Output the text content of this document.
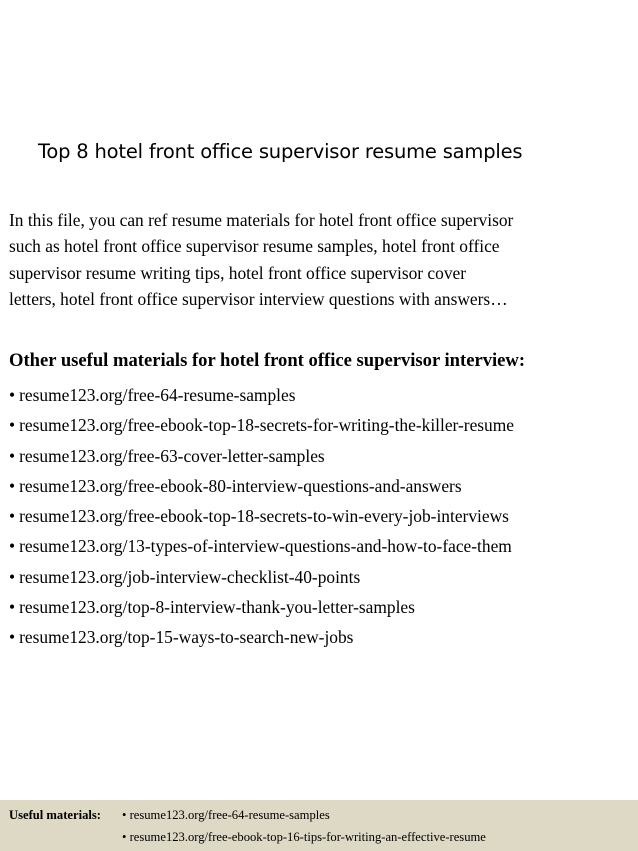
Top 8 hotel front office supervisor resume samples

In this file, you can ref resume materials for hotel front office supervisor
such as hotel front office supervisor resume samples, hotel front office
supervisor resume writing tips, hotel front office supervisor cover
letters, hotel front office supervisor interview questions with answers…

Other useful materials for hotel front office supervisor interview:
• resume123.org/free-64-resume-samples
• resume123.org/free-ebook-top-18-secrets-for-writing-the-killer-resume
• resume123.org/free-63-cover-letter-samples
• resume123.org/free-ebook-80-interview-questions-and-answers
• resume123.org/free-ebook-top-18-secrets-to-win-every-job-interviews
• resume123.org/13-types-of-interview-questions-and-how-to-face-them
• resume123.org/job-interview-checklist-40-points
• resume123.org/top-8-interview-thank-you-letter-samples
• resume123.org/top-15-ways-to-search-new-jobs
Useful materials: • resume123.org/free-64-resume-samples
• resume123.org/free-ebook-top-16-tips-for-writing-an-effective-resume
